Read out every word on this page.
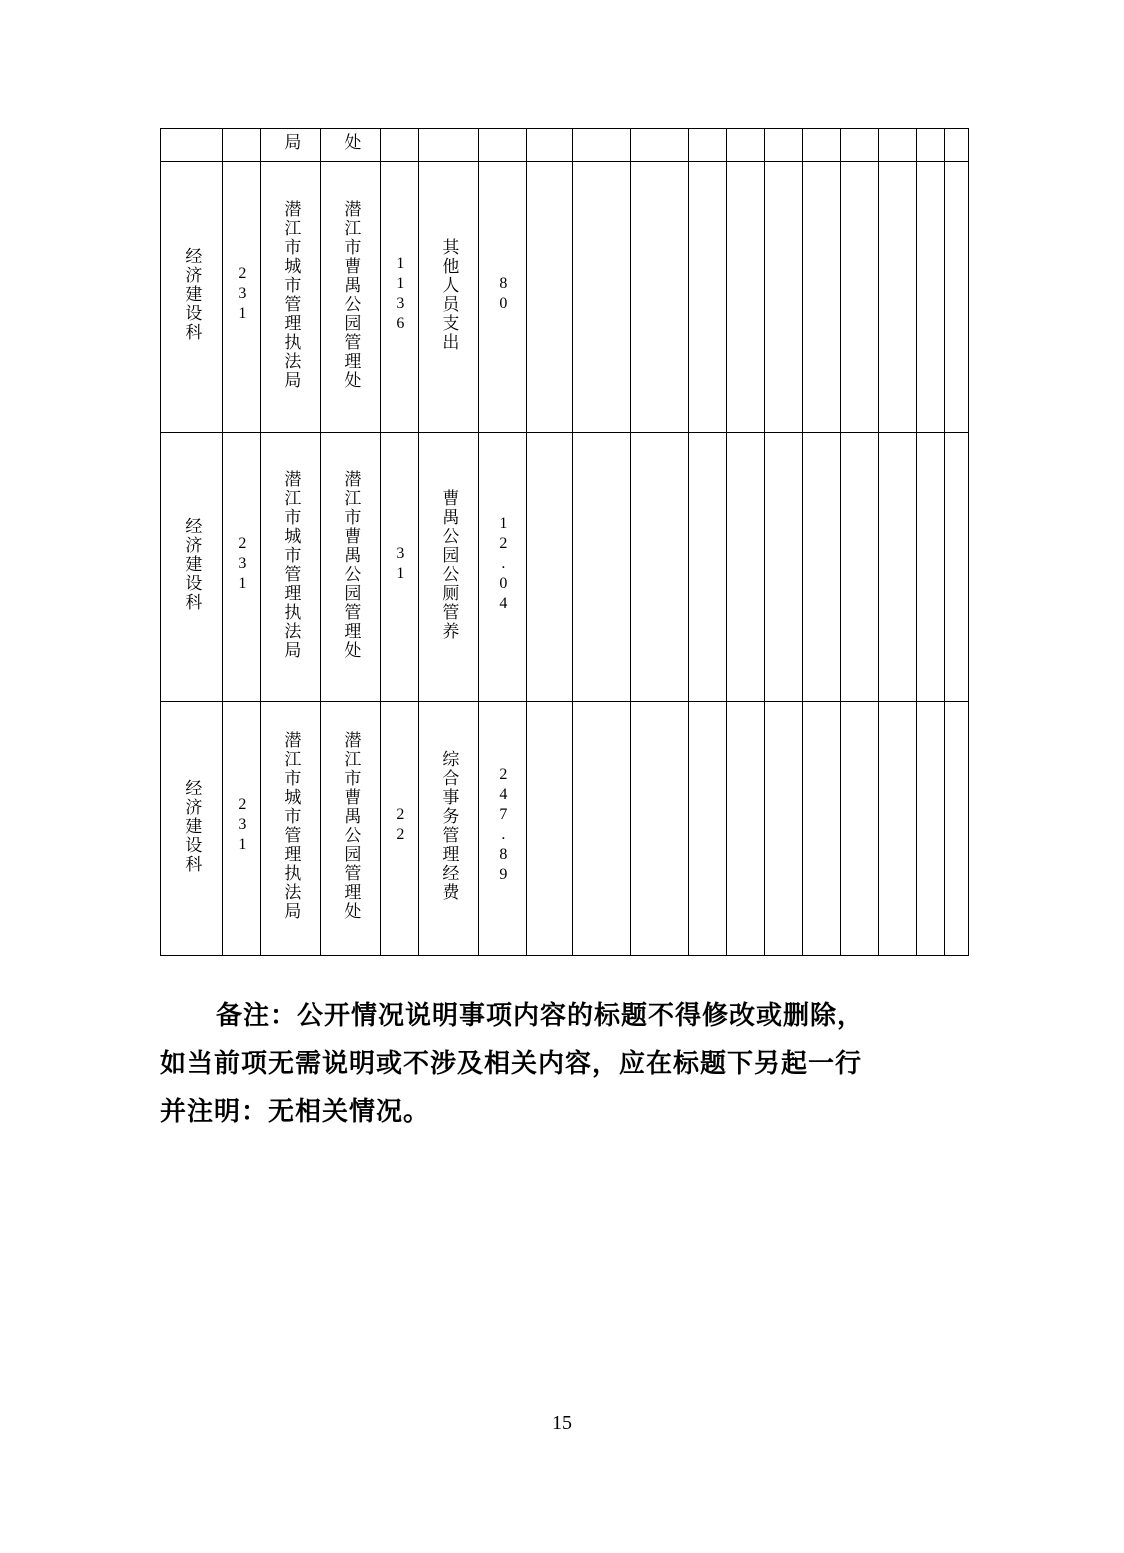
		局	处														
经济建设科	231	潜江市城市管理执法局	潜江市曹禺公园管理处	1136	其他人员支出	80											
经济建设科	231	潜江市城市管理执法局	潜江市曹禺公园管理处	31	曹禺公园公厕管养	12.04											
经济建设科	231	潜江市城市管理执法局	潜江市曹禺公园管理处	22	综合事务管理经费	247.89											

备注：公开情况说明事项内容的标题不得修改或删除，

如当前项无需说明或不涉及相关内容，应在标题下另起一行

并注明：无相关情况。

15
